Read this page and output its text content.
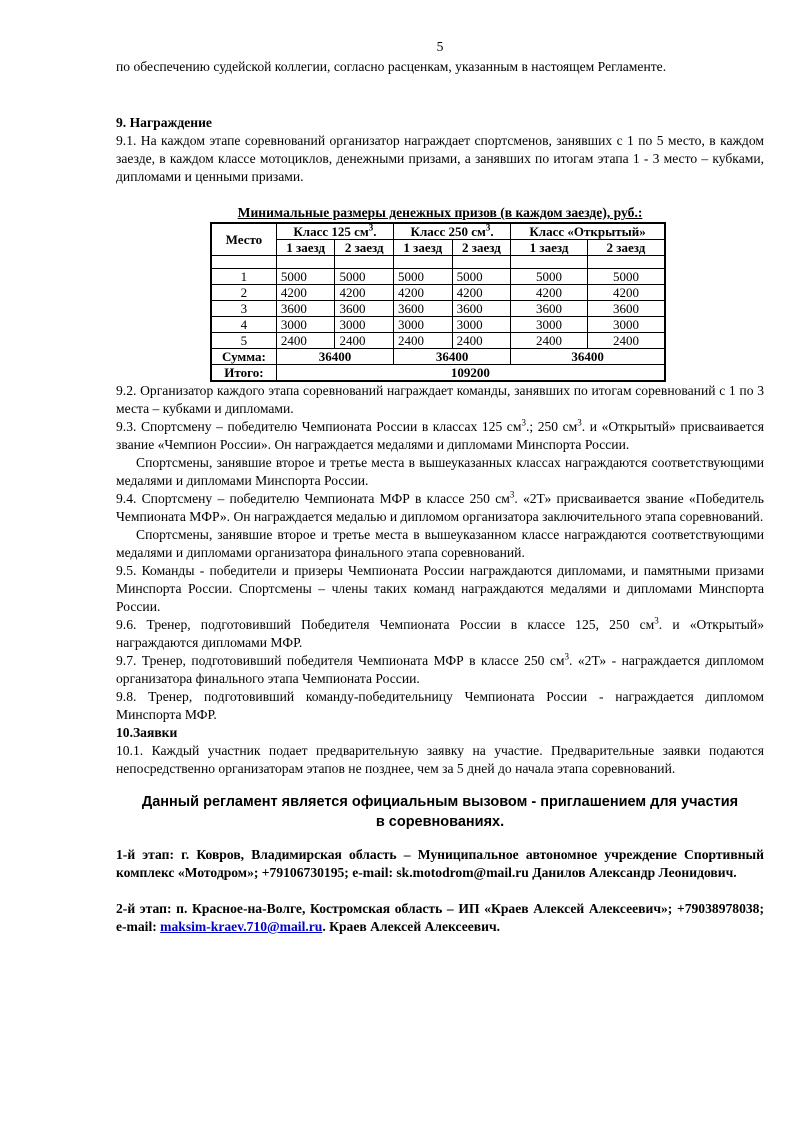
5

по обеспечению судейской коллегии, согласно расценкам, указанным в настоящем Регламенте.

9. Награждение

9.1. На каждом этапе соревнований организатор награждает спортсменов, занявших с 1 по 5 место, в каждом заезде, в каждом классе мотоциклов, денежными призами, а занявших по итогам этапа 1 - 3 место – кубками, дипломами и ценными призами.

Минимальные размеры денежных призов (в каждом заезде), руб.:
Место	Класс 125 $см^3$.		Класс 250 $см^3$.		Класс «Открытый»	
	1 заезд	2 заезд	1 заезд	2 заезд	1 заезд	2 заезд

1	5000	5000	5000	5000	5000	5000
2	4200	4200	4200	4200	4200	4200
3	3600	3600	3600	3600	3600	3600
4	3000	3000	3000	3000	3000	3000
5	2400	2400	2400	2400	2400	2400
Сумма:	36400		36400		36400	
Итого:	109200					

9.2. Организатор каждого этапа соревнований награждает команды, занявших по итогам соревнований с 1 по 3 места – кубками и дипломами.

9.3. Спортсмену – победителю Чемпионата России в классах 125 $см^3$.; 250 $см^3$. и «Открытый» присваивается звание «Чемпион России». Он награждается медалями и дипломами Минспорта России.

Спортсмены, занявшие второе и третье места в вышеуказанных классах награждаются соответствующими медалями и дипломами Минспорта России.

9.4. Спортсмену – победителю Чемпионата МФР в классе 250 $см^3$. «2Т» присваивается звание «Победитель Чемпионата МФР». Он награждается медалью и дипломом организатора заключительного этапа соревнований.

Спортсмены, занявшие второе и третье места в вышеуказанном классе награждаются соответствующими медалями и дипломами организатора финального этапа соревнований.

9.5. Команды - победители и призеры Чемпионата России награждаются дипломами, и памятными призами Минспорта России. Спортсмены – члены таких команд награждаются медалями и дипломами Минспорта России.

9.6. Тренер, подготовивший Победителя Чемпионата России в классе 125, 250 $см^3$. и «Открытый» награждаются дипломами МФР.

9.7. Тренер, подготовивший победителя Чемпионата МФР в классе 250 $см^3$. «2Т» - награждается дипломом организатора финального этапа Чемпионата России.

9.8. Тренер, подготовивший команду-победительницу Чемпионата России - награждается дипломом Минспорта МФР.

10.Заявки

10.1. Каждый участник подает предварительную заявку на участие. Предварительные заявки подаются непосредственно организаторам этапов не позднее, чем за 5 дней до начала этапа соревнований.

Данный регламент является официальным вызовом - приглашением для участия в соревнованиях.

1-й этап: г. Ковров, Владимирская область – Муниципальное автономное учреждение Спортивный комплекс «Мотодром»; +79106730195; e-mail: sk.motodrom@mail.ru Данилов Александр Леонидович.

2-й этап: п. Красное-на-Волге, Костромская область – ИП «Краев Алексей Алексеевич»; +79038978038; e-mail: maksim-kraev.710@mail.ru. Краев Алексей Алексеевич.
